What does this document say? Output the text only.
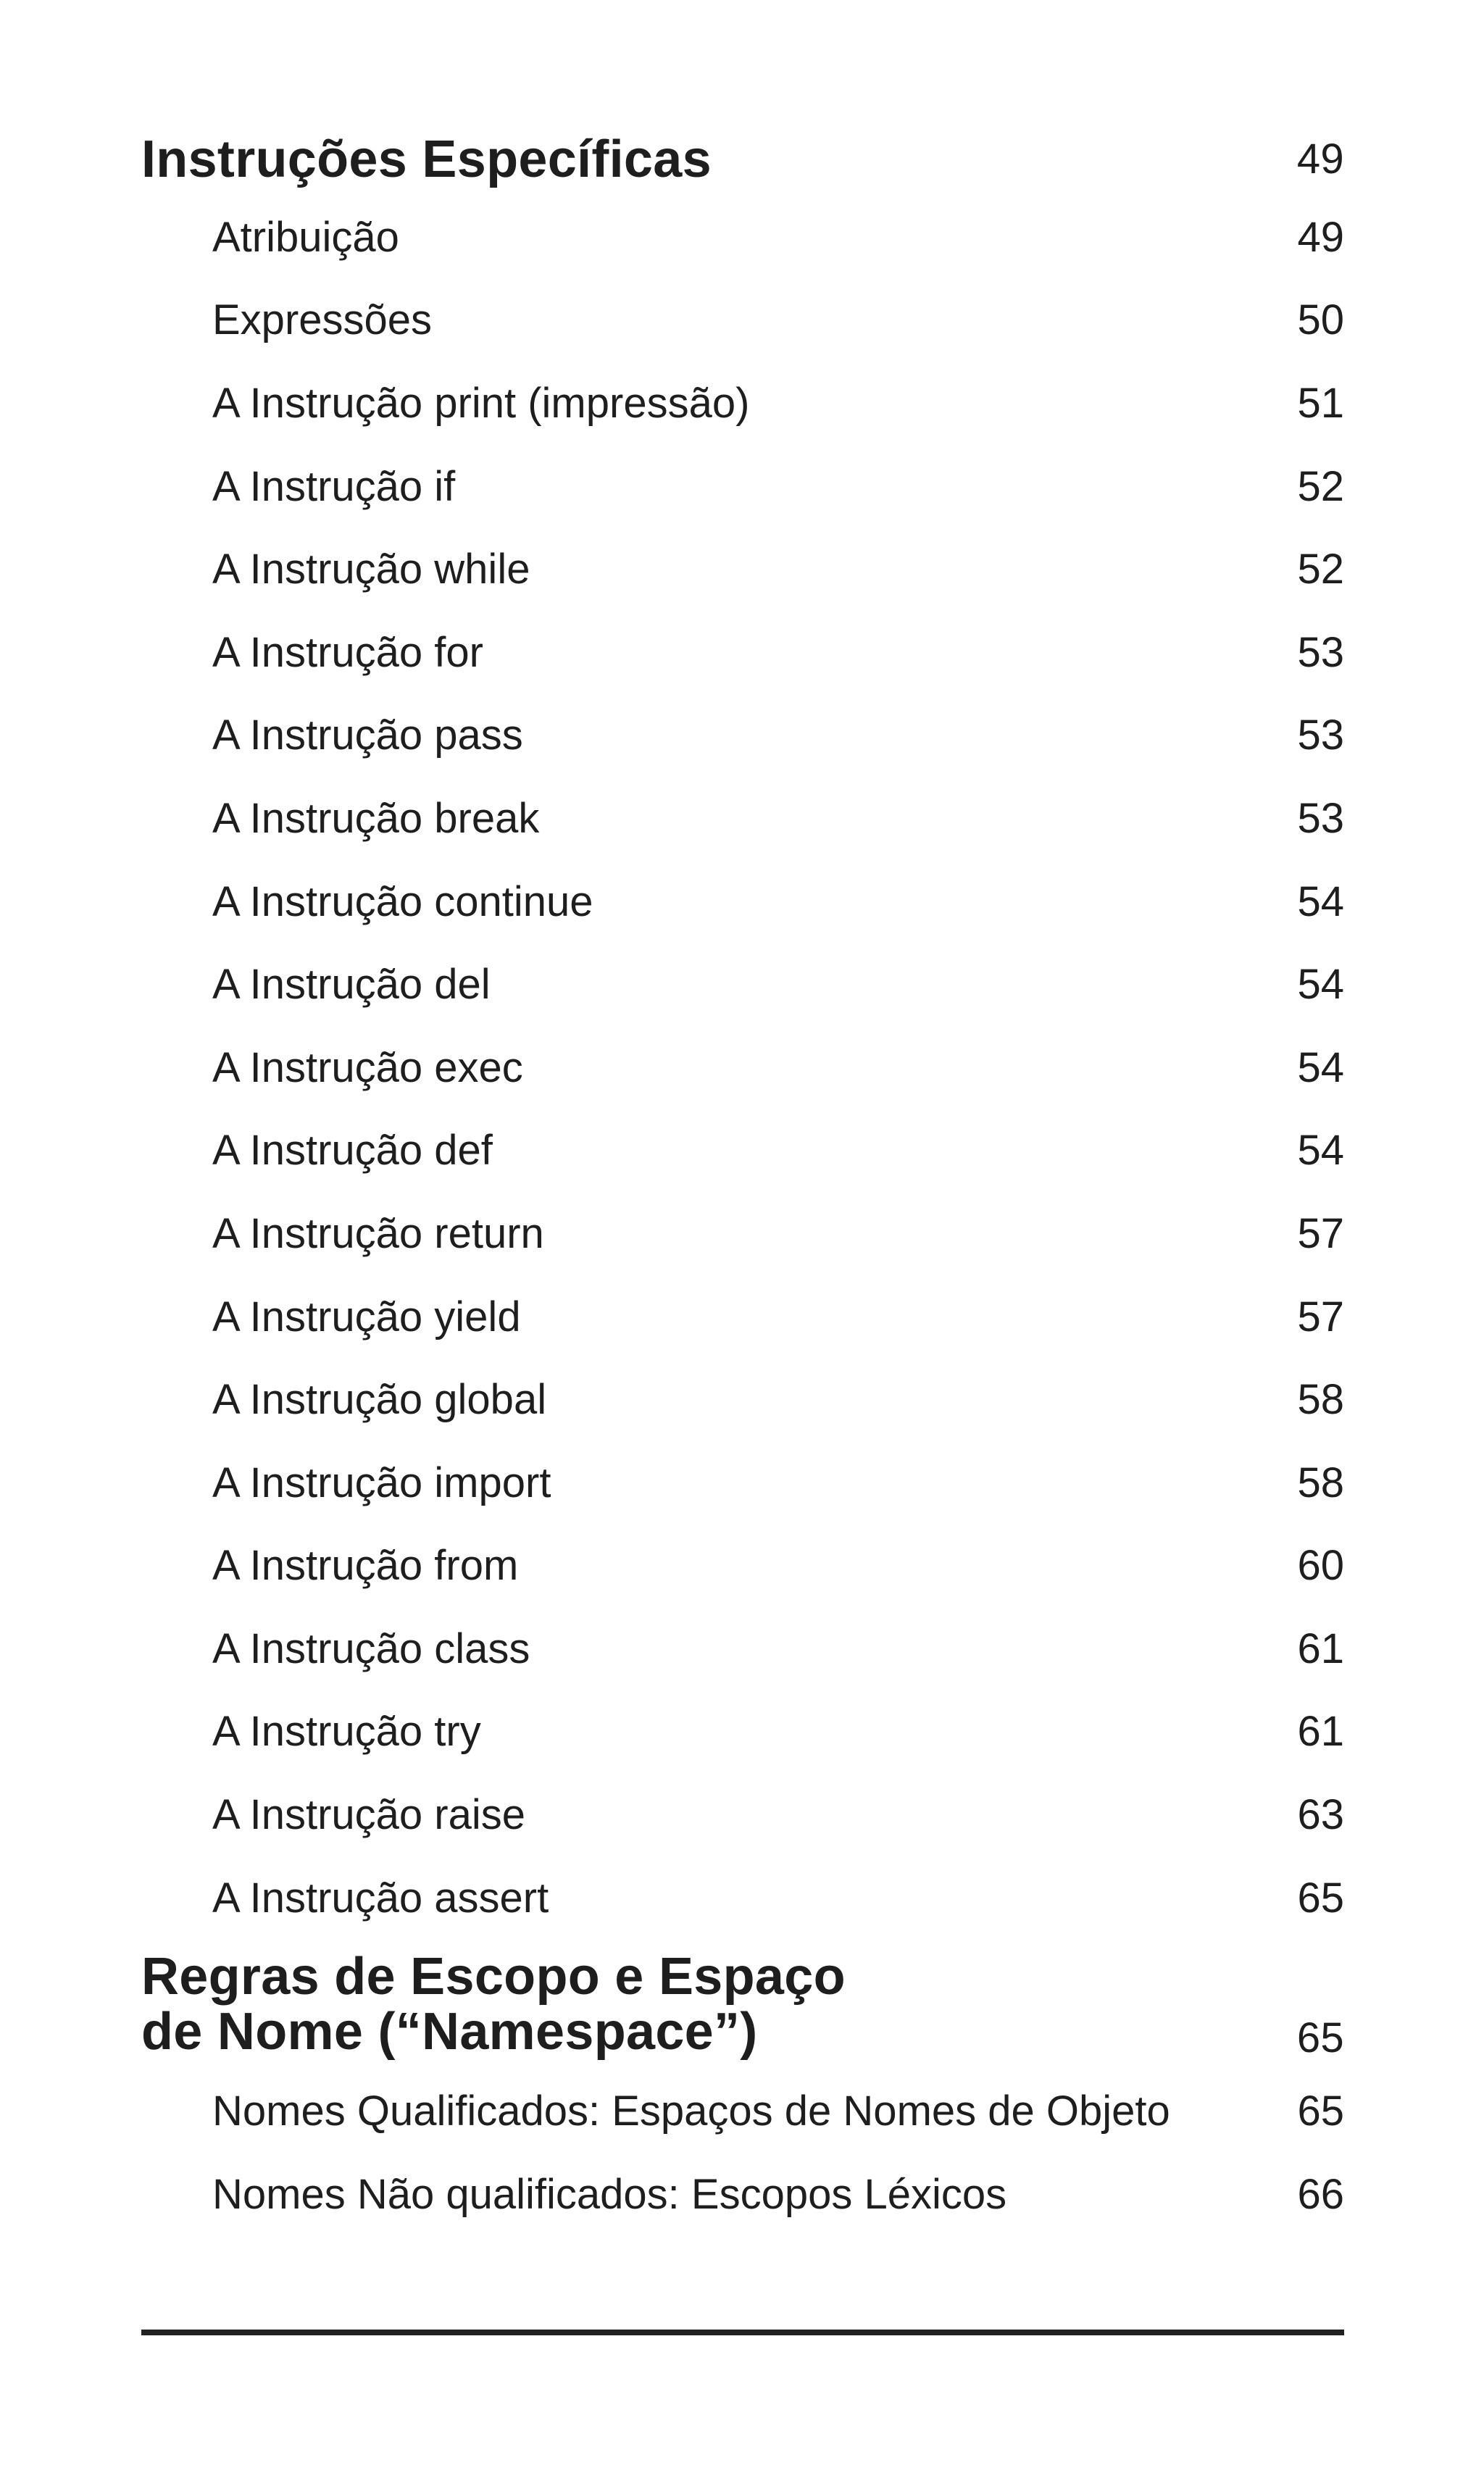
Instruções Específicas	49
Atribuição	49
Expressões	50
A Instrução print (impressão)	51
A Instrução if	52
A Instrução while	52
A Instrução for	53
A Instrução pass	53
A Instrução break	53
A Instrução continue	54
A Instrução del	54
A Instrução exec	54
A Instrução def	54
A Instrução return	57
A Instrução yield	57
A Instrução global	58
A Instrução import	58
A Instrução from	60
A Instrução class	61
A Instrução try	61
A Instrução raise	63
A Instrução assert	65
Regras de Escopo e Espaço
de Nome (“Namespace”)	65
Nomes Qualificados: Espaços de Nomes de Objeto	65
Nomes Não qualificados: Escopos Léxicos	66
